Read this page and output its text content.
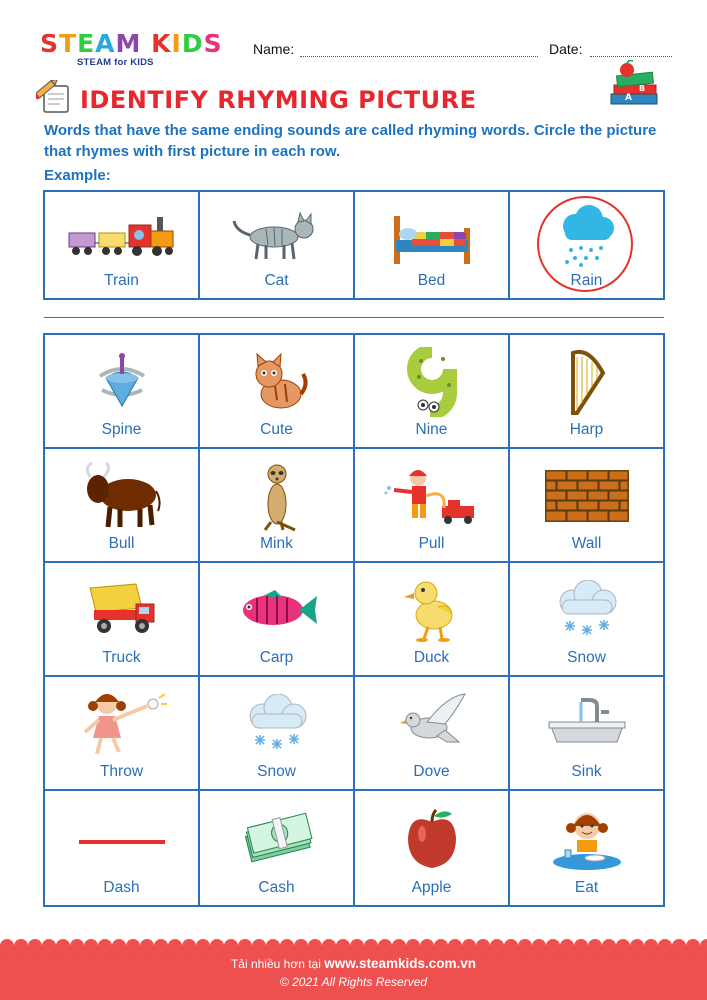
STEAM KIDS
STEAM for KIDS
Name:	Date:
IDENTIFY RHYMING PICTURE	A
B
Words that have the same ending sounds are called rhyming words. Circle the picture that rhymes with first picture in each row.
Example:
Train	Cat	Bed	Rain
Spine	Cute	Nine	Harp

Bull	Mink	Pull	Wall

Truck	Carp	Duck	Snow

Throw	Snow	Dove	Sink

Dash	Cash	Apple	Eat
Tải nhiều hơn tại www.steamkids.com.vn
© 2021 All Rights Reserved
